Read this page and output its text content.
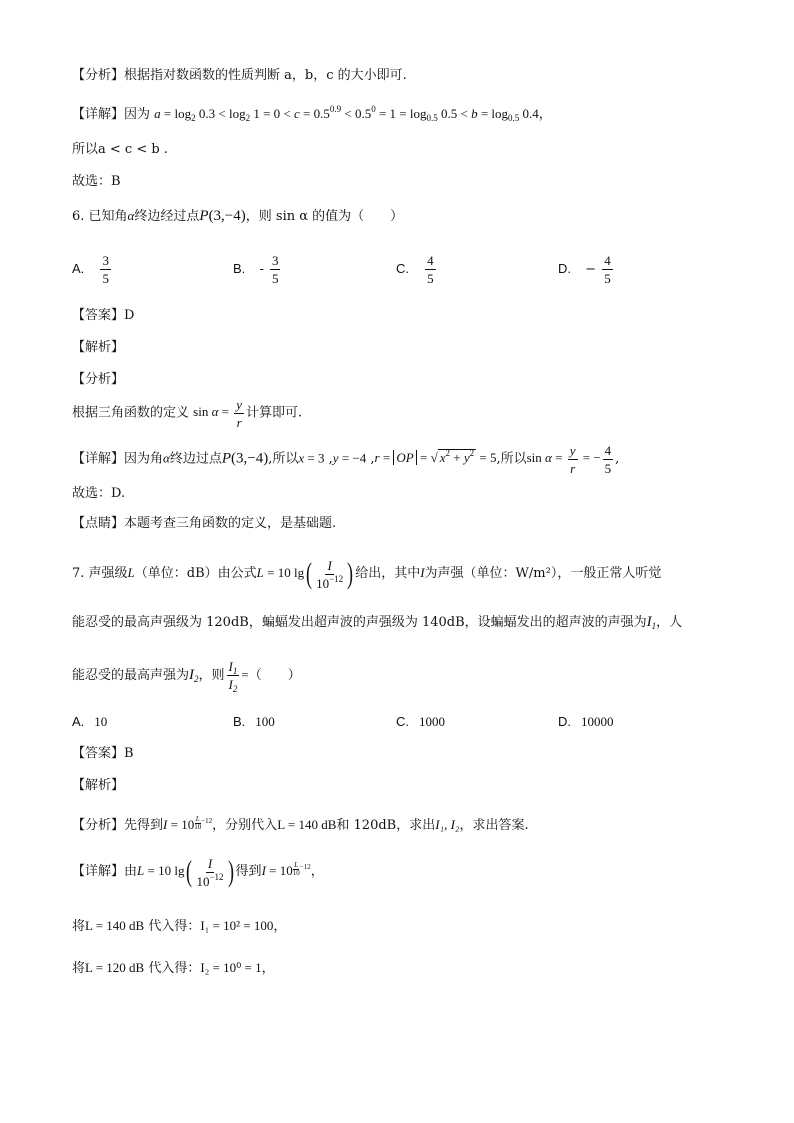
【分析】根据指对数函数的性质判断 a，b，c 的大小即可.
【详解】因为 $a = \log_2 0.3 < \log_2 1 = 0 < c = 0.5^{0.9} < 0.5^0 = 1 = \log_{0.5} 0.5 < b = \log_{0.5} 0.4$，
所以a < c < b .
故选：B
6. 已知角α终边经过点P(3,−4)，则 sin α 的值为（　　）
A. $\frac{3}{5}$	B. - $\frac{3}{5}$	C. $\frac{4}{5}$	D. − $\frac{4}{5}$
【答案】D
【解析】
【分析】
根据三角函数的定义 $\sin \alpha = \frac{y}{r}$ 计算即可.
【详解】因为角α终边过点P(3,−4),所以x = 3 ,y = −4 ,r = OP = √ $x^2 + y^2 = 5$,所以$\sin \alpha = \frac{y}{r}$ = − $\frac{4}{5}$ ,
故选：D.
【点睛】本题考查三角函数的定义，是基础题.
7. 声强级L（单位：dB）由公式L = 10 $\lg( \frac{I}{10^{-12}}$ ) 给出，其中I为声强（单位：W/m²），一般正常人听觉
能忍受的最高声强级为 120dB，蝙蝠发出超声波的声强级为 140dB，设蝙蝠发出的超声波的声强为$I_1$，人
能忍受的最高声强为$I_2$，则 $\frac{I_1}{I_2}$ =（　　）
A. 10	B. 100	C. 1000	D. 10000
【答案】B
【解析】
【分析】先得到$I = 10 \frac{L}{10} ^{-12}$，分别代入L = 140 dB和 120dB，求出I₁, I₂，求出答案.
【详解】由L = 10 $\lg( \frac{I}{10^{-12}}$ ) 得到$I = 10 \frac{L}{10} ^{-12}$，
将L = 140 dB 代入得：I₁ = 10² = 100，
将L = 120 dB 代入得：I₂ = 10⁰ = 1，
